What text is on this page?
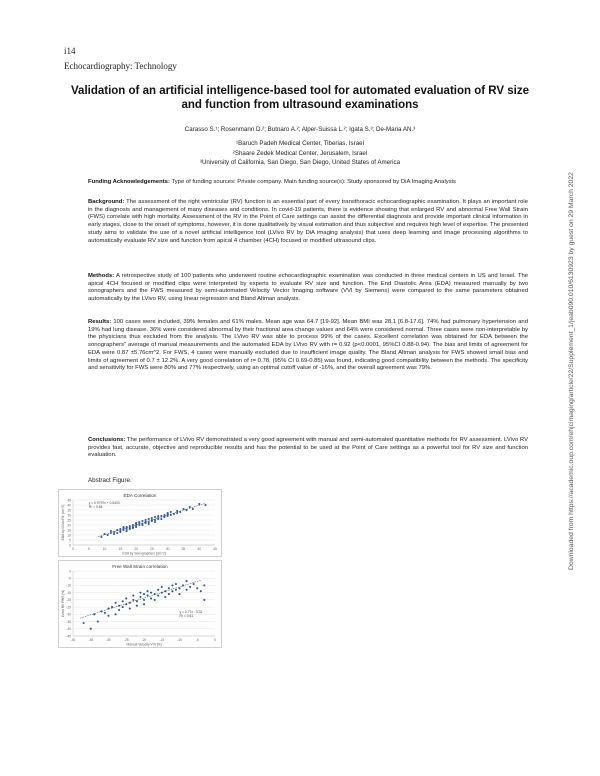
i14
Echocardiography: Technology
Validation of an artificial intelligence-based tool for automated evaluation of RV size and function from ultrasound examinations
Carasso S.¹; Rosenmann D.²; Butnaro A.²; Alper-Suissa L.²; Igata S.³; De-Maria AN.³
¹Baruch Padeh Medical Center, Tiberias, Israel
²Shaare Zedek Medical Center, Jerusalem, Israel
³University of California, San Diego, San Diego, United States of America
Funding Acknowledgements: Type of funding sources: Private company. Main funding source(s): Study sponsored by DiA Imaging Analysis
Background: The assessment of the right ventricular (RV) function is an essential part of every transthoracic echocardiographic examination. It plays an important role in the diagnosis and management of many diseases and conditions. In covid-19 patients, there is evidence showing that enlarged RV and abnormal Free Wall Strain (FWS) correlate with high mortality. Assessment of the RV in the Point of Care settings can assist the differential diagnosis and provide important clinical information in early stages, close to the onset of symptoms, however, it is done qualitatively by visual estimation and thus subjective and requires high level of expertise. The presented study aims to validate the use of a novel artificial intelligence tool (LVivo RV by DiA imaging analysis) that uses deep learning and image processing algorithms to automatically evaluate RV size and function from apical 4 chamber (4CH) focused or modified ultrasound clips.
Methods: A retrospective study of 100 patients who underwent routine echocardiographic examination was conducted in three medical centers in US and Israel. The apical 4CH focused or modified clips were interpreted by experts to evaluate RV size and function. The End Diastolic Area (EDA) measured manually by two sonographers and the FWS measured by semi-automated Velocity Vector Imaging software (VVI by Siemens) were compared to the same parameters obtained automatically by the LVivo RV, using linear regression and Bland Altman analysis.
Results: 100 cases were included, 39% females and 61% males. Mean age was 64.7 [19-92]. Mean BMI was 28.1 [6.8-17.6]. 74% had pulmonary hypertension and 19% had lung disease. 36% were considered abnormal by their fractional area change values and 64% were considered normal. Three cases were non-interpretable by the physicians thus excluded from the analysis. The LVivo RV was able to process 99% of the cases. Excellent correlation was obtained for EDA between the sonographers" average of manual measurements and the automated EDA by LVivo RV with r= 0.92 (p<0.0001, 95%CI 0.88-0.94). The bias and limits of agreement for EDA were 0.87 ±5.76cm^2. For FWS, 4 cases were manually excluded due to insufficient image quality. The Bland Altman analysis for FWS showed small bias and limits of agreement of 0.7 ± 12.2%. A very good correlation of r= 0.78, (95% CI 0.69-0.85) was found, indicating good compatibility between the methods. The specificity and sensitivity for FWS were 80% and 77% respectively, using an optimal cutoff value of -16%, and the overall agreement was 79%.
Conclusions: The performance of LVivo RV demonstrated a very good agreement with manual and semi-automated quantitative methods for RV assessment. LVivo RV provides fast, accurate, objective and reproducible results and has the potential to be used at the Point of Care settings as a powerful tool for RV size and function evaluation.
Abstract Figure.
EDA Correlation
0
5
10
15
20
25
30
35
40
45
0	5	10	15	20	25	30	35	40	45
y = 0.9797x + 0.5403
R² = 0.84
EDA by Sonographers [cm^2]
EDA by LVivo RV [cm^2]
Free Wall Strain correlation
0
-5
-10
-15
-20
-25
-30
-35
-40
-45
-40	-35	-30	-25	-20	-15	-10	-5	0
y = 0.77x - 3.32
R² = 0.61
Manual Velocity VVI [%]
LVivo RV FWS [%]
Downloaded from https://academic.oup.com/ehjcimaging/article/22/Supplement_1/jeab090.010/6130923 by guest on 29 March 2022
